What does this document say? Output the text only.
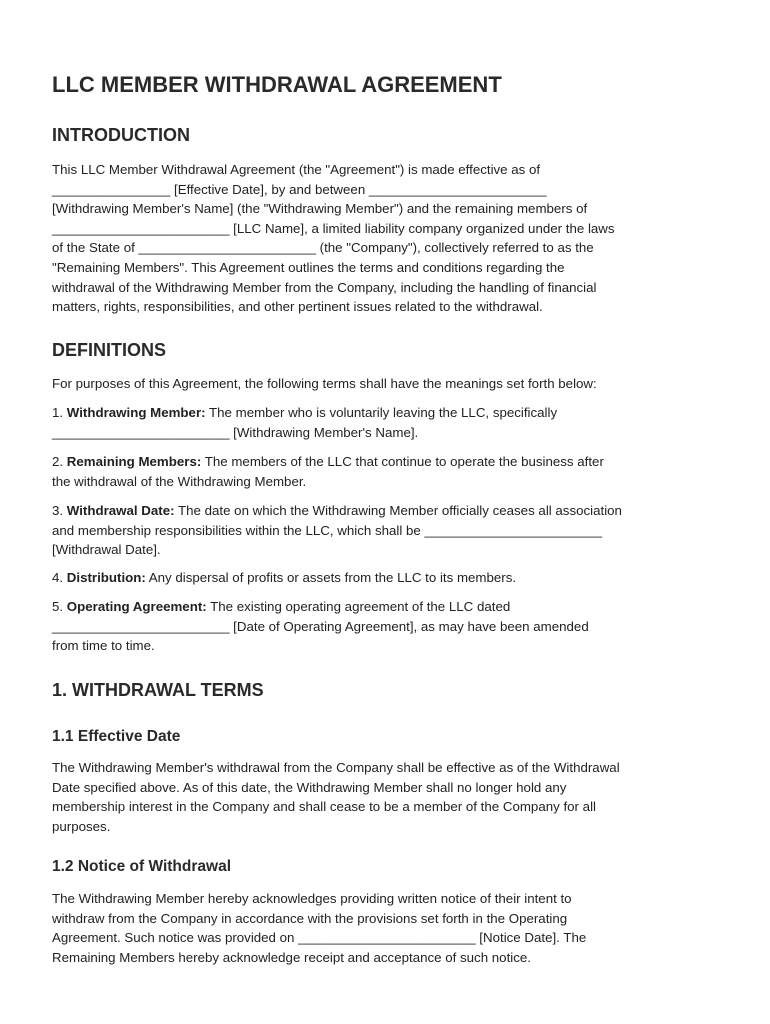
LLC MEMBER WITHDRAWAL AGREEMENT
INTRODUCTION

This LLC Member Withdrawal Agreement (the "Agreement") is made effective as of
________________ [Effective Date], by and between ________________________
[Withdrawing Member's Name] (the "Withdrawing Member") and the remaining members of
________________________ [LLC Name], a limited liability company organized under the laws
of the State of ________________________ (the "Company"), collectively referred to as the
"Remaining Members". This Agreement outlines the terms and conditions regarding the
withdrawal of the Withdrawing Member from the Company, including the handling of financial
matters, rights, responsibilities, and other pertinent issues related to the withdrawal.

DEFINITIONS

For purposes of this Agreement, the following terms shall have the meanings set forth below:

1. Withdrawing Member: The member who is voluntarily leaving the LLC, specifically
________________________ [Withdrawing Member's Name].

2. Remaining Members: The members of the LLC that continue to operate the business after
the withdrawal of the Withdrawing Member.

3. Withdrawal Date: The date on which the Withdrawing Member officially ceases all association
and membership responsibilities within the LLC, which shall be ________________________
[Withdrawal Date].

4. Distribution: Any dispersal of profits or assets from the LLC to its members.

5. Operating Agreement: The existing operating agreement of the LLC dated
________________________ [Date of Operating Agreement], as may have been amended
from time to time.

1. WITHDRAWAL TERMS
1.1 Effective Date

The Withdrawing Member's withdrawal from the Company shall be effective as of the Withdrawal
Date specified above. As of this date, the Withdrawing Member shall no longer hold any
membership interest in the Company and shall cease to be a member of the Company for all
purposes.

1.2 Notice of Withdrawal

The Withdrawing Member hereby acknowledges providing written notice of their intent to
withdraw from the Company in accordance with the provisions set forth in the Operating
Agreement. Such notice was provided on ________________________ [Notice Date]. The
Remaining Members hereby acknowledge receipt and acceptance of such notice.
